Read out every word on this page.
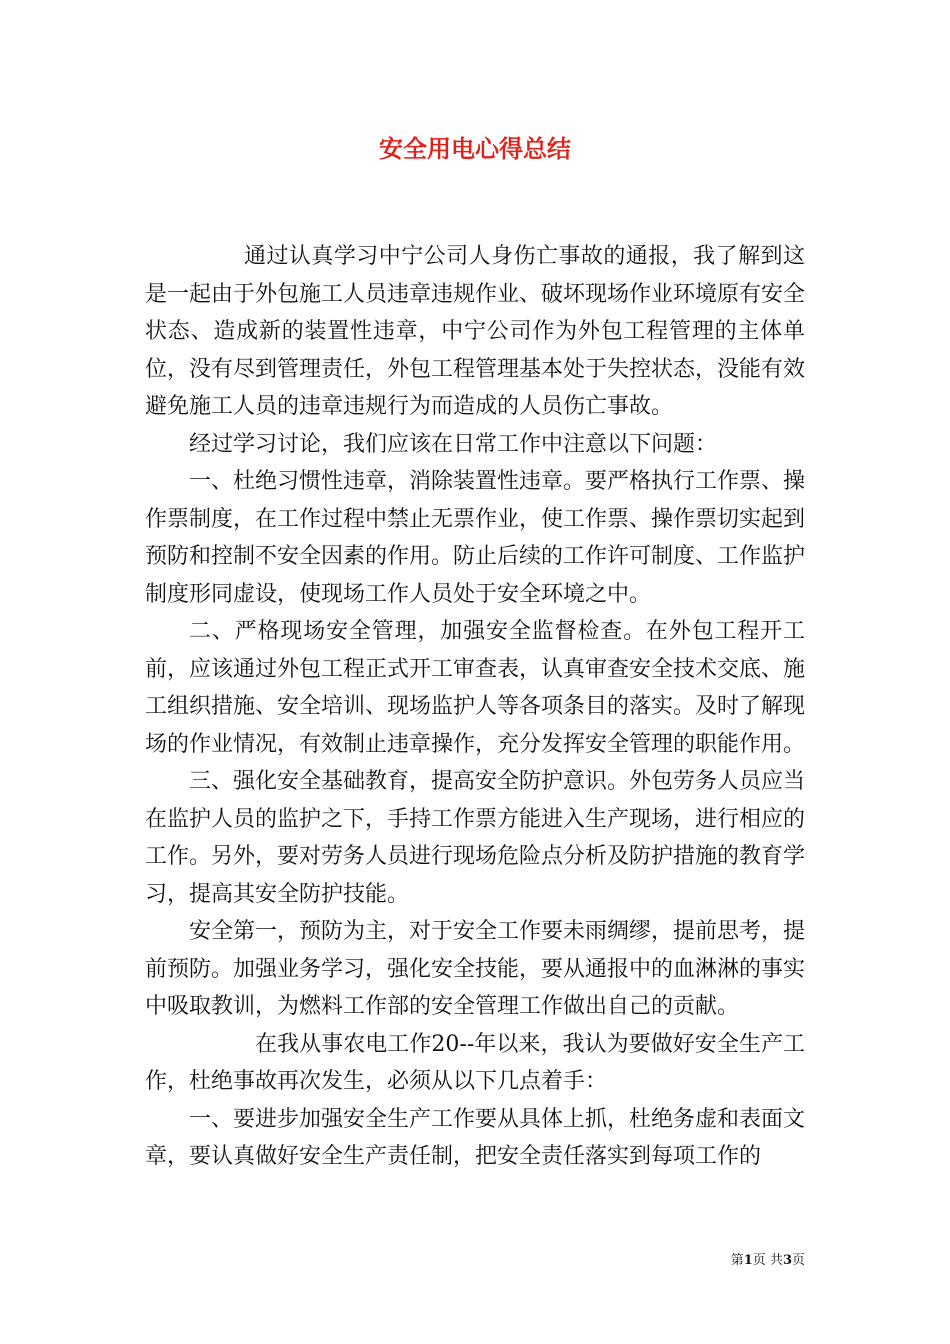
安全用电心得总结

通过认真学习中宁公司人身伤亡事故的通报，我了解到这是一起由于外包施工人员违章违规作业、破坏现场作业环境原有安全状态、造成新的装置性违章，中宁公司作为外包工程管理的主体单位，没有尽到管理责任，外包工程管理基本处于失控状态，没能有效避免施工人员的违章违规行为而造成的人员伤亡事故。

经过学习讨论，我们应该在日常工作中注意以下问题：

一、杜绝习惯性违章，消除装置性违章。要严格执行工作票、操作票制度，在工作过程中禁止无票作业，使工作票、操作票切实起到预防和控制不安全因素的作用。防止后续的工作许可制度、工作监护制度形同虚设，使现场工作人员处于安全环境之中。

二、严格现场安全管理，加强安全监督检查。在外包工程开工前，应该通过外包工程正式开工审查表，认真审查安全技术交底、施工组织措施、安全培训、现场监护人等各项条目的落实。及时了解现场的作业情况，有效制止违章操作，充分发挥安全管理的职能作用。

三、强化安全基础教育，提高安全防护意识。外包劳务人员应当在监护人员的监护之下，手持工作票方能进入生产现场，进行相应的工作。另外，要对劳务人员进行现场危险点分析及防护措施的教育学习，提高其安全防护技能。

安全第一，预防为主，对于安全工作要未雨绸缪，提前思考，提前预防。加强业务学习，强化安全技能，要从通报中的血淋淋的事实中吸取教训，为燃料工作部的安全管理工作做出自己的贡献。

在我从事农电工作20--年以来，我认为要做好安全生产工作，杜绝事故再次发生，必须从以下几点着手：

一、要进步加强安全生产工作要从具体上抓，杜绝务虚和表面文章，要认真做好安全生产责任制，把安全责任落实到每项工作的

第1页 共3页
